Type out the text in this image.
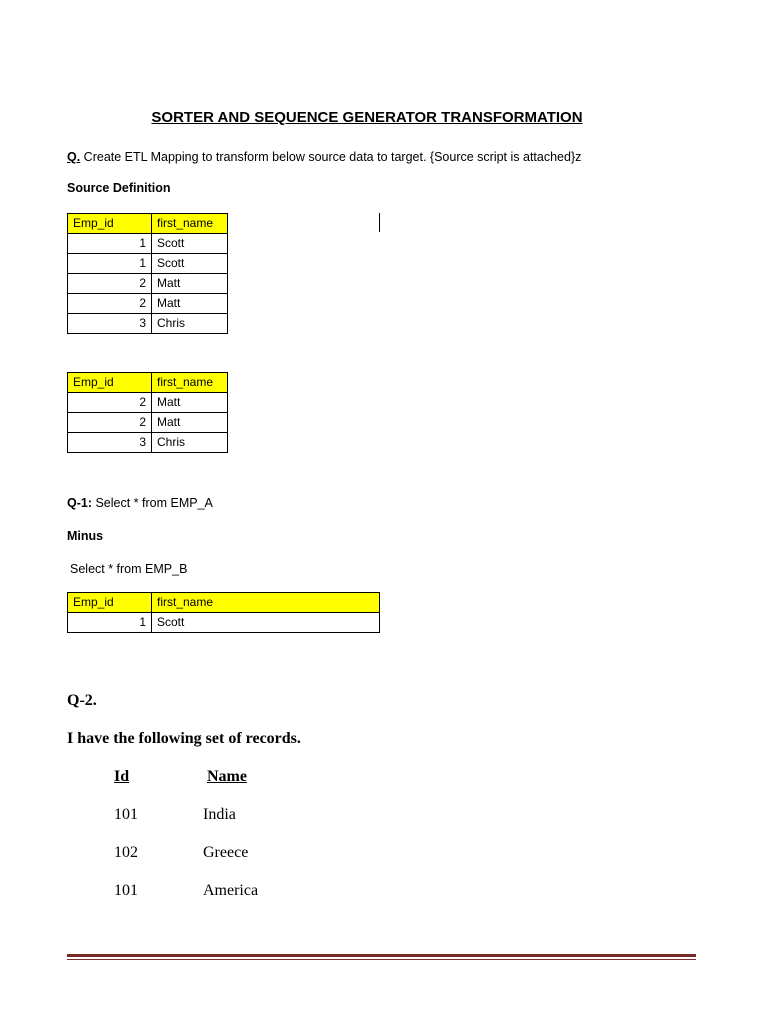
SORTER AND SEQUENCE GENERATOR TRANSFORMATION
Q. Create ETL Mapping to transform below source data to target. {Source script is attached}z
Source Definition
Emp_id	first_name
1	Scott
1	Scott
2	Matt
2	Matt
3	Chris
Emp_id	first_name
2	Matt
2	Matt
3	Chris
Q-1: Select * from EMP_A
Minus
Select * from EMP_B
Emp_id	first_name
1	Scott
Q-2.
I have the following set of records.
Id	Name
101	India
102	Greece
101	America
